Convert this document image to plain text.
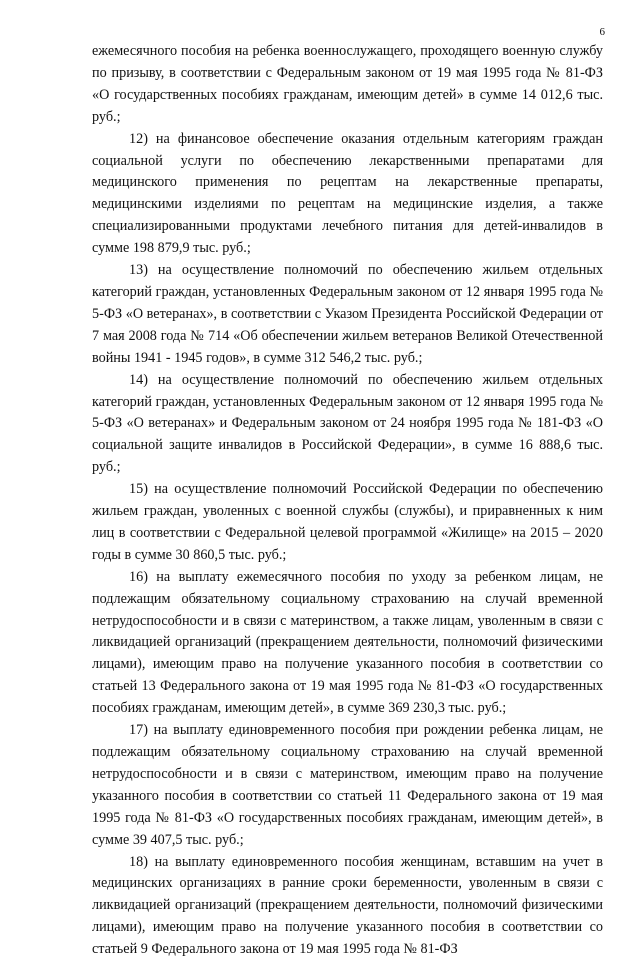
6

ежемесячного пособия на ребенка военнослужащего, проходящего военную службу по призыву, в соответствии с Федеральным законом от 19 мая 1995 года № 81-ФЗ «О государственных пособиях гражданам, имеющим детей» в сумме 14 012,6 тыс. руб.;

12) на финансовое обеспечение оказания отдельным категориям граждан социальной услуги по обеспечению лекарственными препаратами для медицинского применения по рецептам на лекарственные препараты, медицинскими изделиями по рецептам на медицинские изделия, а также специализированными продуктами лечебного питания для детей-инвалидов в сумме 198 879,9 тыс. руб.;

13) на осуществление полномочий по обеспечению жильем отдельных категорий граждан, установленных Федеральным законом от 12 января 1995 года № 5-ФЗ «О ветеранах», в соответствии с Указом Президента Российской Федерации от 7 мая 2008 года № 714 «Об обеспечении жильем ветеранов Великой Отечественной войны 1941 - 1945 годов», в сумме 312 546,2 тыс. руб.;

14) на осуществление полномочий по обеспечению жильем отдельных категорий граждан, установленных Федеральным законом от 12 января 1995 года № 5-ФЗ «О ветеранах» и Федеральным законом от 24 ноября 1995 года № 181-ФЗ «О социальной защите инвалидов в Российской Федерации», в сумме 16 888,6 тыс. руб.;

15) на осуществление полномочий Российской Федерации по обеспечению жильем граждан, уволенных с военной службы (службы), и приравненных к ним лиц в соответствии с Федеральной целевой программой «Жилище» на 2015 – 2020 годы в сумме 30 860,5 тыс. руб.;

16) на выплату ежемесячного пособия по уходу за ребенком лицам, не подлежащим обязательному социальному страхованию на случай временной нетрудоспособности и в связи с материнством, а также лицам, уволенным в связи с ликвидацией организаций (прекращением деятельности, полномочий физическими лицами), имеющим право на получение указанного пособия в соответствии со статьей 13 Федерального закона от 19 мая 1995 года № 81-ФЗ «О государственных пособиях гражданам, имеющим детей», в сумме 369 230,3 тыс. руб.;

17) на выплату единовременного пособия при рождении ребенка лицам, не подлежащим обязательному социальному страхованию на случай временной нетрудоспособности и в связи с материнством, имеющим право на получение указанного пособия в соответствии со статьей 11 Федерального закона от 19 мая 1995 года № 81-ФЗ «О государственных пособиях гражданам, имеющим детей», в сумме 39 407,5 тыс. руб.;

18) на выплату единовременного пособия женщинам, вставшим на учет в медицинских организациях в ранние сроки беременности, уволенным в связи с ликвидацией организаций (прекращением деятельности, полномочий физическими лицами), имеющим право на получение указанного пособия в соответствии со статьей 9 Федерального закона от 19 мая 1995 года № 81-ФЗ
